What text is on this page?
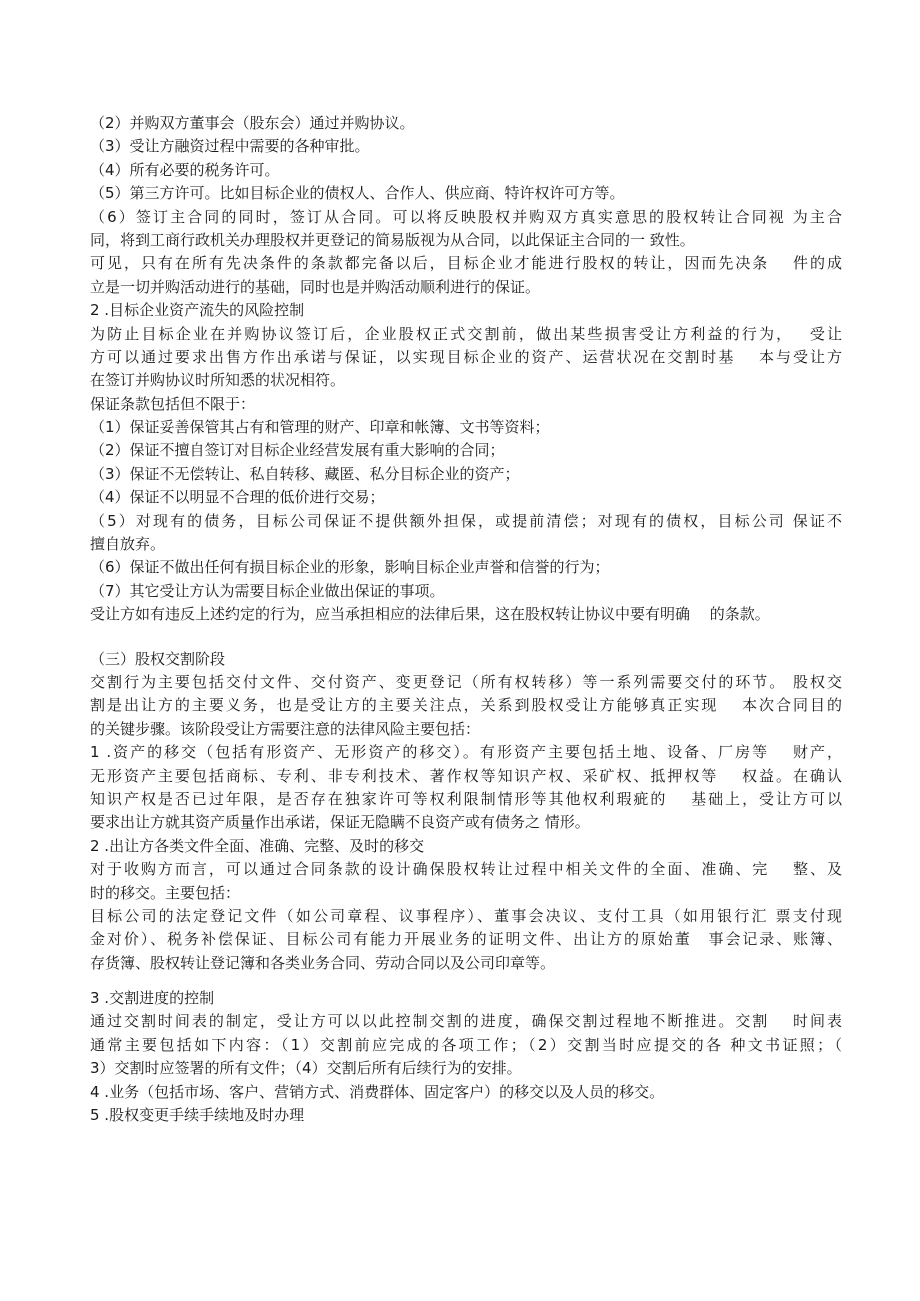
（2）并购双方董事会（股东会）通过并购协议。
（3）受让方融资过程中需要的各种审批。
（4）所有必要的税务许可。
（5）第三方许可。比如目标企业的债权人、合作人、供应商、特许权许可方等。
（6）签订主合同的同时，签订从合同。可以将反映股权并购双方真实意思的股权转让合同视 为主合
同，将到工商行政机关办理股权并更登记的简易版视为从合同，以此保证主合同的一 致性。
可见，只有在所有先决条件的条款都完备以后，目标企业才能进行股权的转让，因而先决条　 件的成
立是一切并购活动进行的基础，同时也是并购活动顺利进行的保证。
2 .目标企业资产流失的风险控制
为防止目标企业在并购协议签订后，企业股权正式交割前，做出某些损害受让方利益的行为，　 受让
方可以通过要求出售方作出承诺与保证，以实现目标企业的资产、运营状况在交割时基　 本与受让方
在签订并购协议时所知悉的状况相符。
保证条款包括但不限于：
（1）保证妥善保管其占有和管理的财产、印章和帐簿、文书等资料；
（2）保证不擅自签订对目标企业经营发展有重大影响的合同；
（3）保证不无偿转让、私自转移、藏匿、私分目标企业的资产；
（4）保证不以明显不合理的低价进行交易；
（5）对现有的债务，目标公司保证不提供额外担保，或提前清偿；对现有的债权，目标公司 保证不
擅自放弃。
（6）保证不做出任何有损目标企业的形象，影响目标企业声誉和信誉的行为；
（7）其它受让方认为需要目标企业做出保证的事项。
受让方如有违反上述约定的行为，应当承担相应的法律后果，这在股权转让协议中要有明确　 的条款。
（三）股权交割阶段
交割行为主要包括交付文件、交付资产、变更登记（所有权转移）等一系列需要交付的环节。 股权交
割是出让方的主要义务，也是受让方的主要关注点，关系到股权受让方能够真正实现　 本次合同目的
的关键步骤。该阶段受让方需要注意的法律风险主要包括：
1 .资产的移交（包括有形资产、无形资产的移交）。有形资产主要包括土地、设备、厂房等　 财产，
无形资产主要包括商标、专利、非专利技术、著作权等知识产权、采矿权、抵押权等　 权益。在确认
知识产权是否已过年限，是否存在独家许可等权利限制情形等其他权利瑕疵的　 基础上，受让方可以
要求出让方就其资产质量作出承诺，保证无隐瞒不良资产或有债务之 情形。
2 .出让方各类文件全面、准确、完整、及时的移交
对于收购方而言，可以通过合同条款的设计确保股权转让过程中相关文件的全面、准确、完　 整、及
时的移交。主要包括：
目标公司的法定登记文件（如公司章程、议事程序）、董事会决议、支付工具（如用银行汇 票支付现
金对价）、税务补偿保证、目标公司有能力开展业务的证明文件、出让方的原始董　事会记录、账簿、
存货簿、股权转让登记簿和各类业务合同、劳动合同以及公司印章等。
3 .交割进度的控制
通过交割时间表的制定，受让方可以以此控制交割的进度，确保交割过程地不断推进。交割　 时间表
通常主要包括如下内容：（1）交割前应完成的各项工作；（2）交割当时应提交的各 种文书证照；（
3）交割时应签署的所有文件；（4）交割后所有后续行为的安排。
4 .业务（包括市场、客户、营销方式、消费群体、固定客户）的移交以及人员的移交。
5 .股权变更手续手续地及时办理
